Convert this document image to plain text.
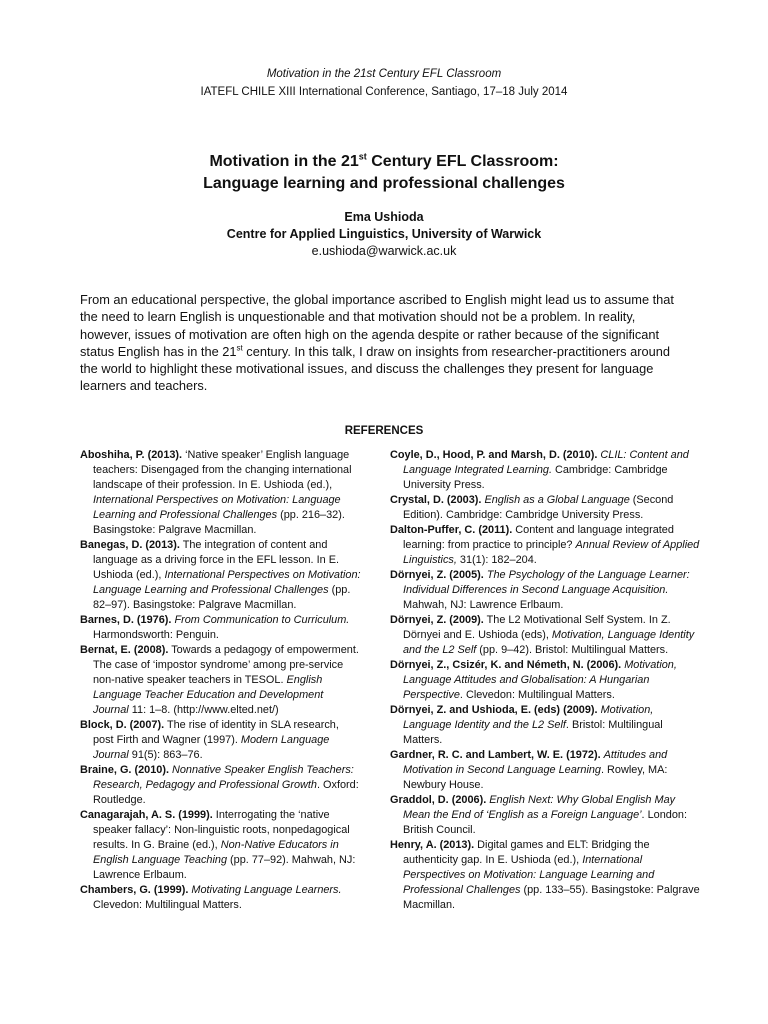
Motivation in the 21st Century EFL Classroom
IATEFL CHILE XIII International Conference, Santiago, 17–18 July 2014
Motivation in the 21st Century EFL Classroom:
Language learning and professional challenges
Ema Ushioda
Centre for Applied Linguistics, University of Warwick
e.ushioda@warwick.ac.uk
From an educational perspective, the global importance ascribed to English might lead us to assume that the need to learn English is unquestionable and that motivation should not be a problem. In reality, however, issues of motivation are often high on the agenda despite or rather because of the significant status English has in the 21st century. In this talk, I draw on insights from researcher-practitioners around the world to highlight these motivational issues, and discuss the challenges they present for language learners and teachers.
REFERENCES

Aboshiha, P. (2013). ‘Native speaker’ English language teachers: Disengaged from the changing international landscape of their profession. In E. Ushioda (ed.), International Perspectives on Motivation: Language Learning and Professional Challenges (pp. 216–32). Basingstoke: Palgrave Macmillan.

Banegas, D. (2013). The integration of content and language as a driving force in the EFL lesson. In E. Ushioda (ed.), International Perspectives on Motivation: Language Learning and Professional Challenges (pp. 82–97). Basingstoke: Palgrave Macmillan.

Barnes, D. (1976). From Communication to Curriculum. Harmondsworth: Penguin.

Bernat, E. (2008). Towards a pedagogy of empowerment. The case of ‘impostor syndrome’ among pre-service non-native speaker teachers in TESOL. English Language Teacher Education and Development Journal 11: 1–8. (http://www.elted.net/)

Block, D. (2007). The rise of identity in SLA research, post Firth and Wagner (1997). Modern Language Journal 91(5): 863–76.

Braine, G. (2010). Nonnative Speaker English Teachers: Research, Pedagogy and Professional Growth. Oxford: Routledge.

Canagarajah, A. S. (1999). Interrogating the ‘native speaker fallacy’: Non-linguistic roots, nonpedagogical results. In G. Braine (ed.), Non-Native Educators in English Language Teaching (pp. 77–92). Mahwah, NJ: Lawrence Erlbaum.

Chambers, G. (1999). Motivating Language Learners. Clevedon: Multilingual Matters.

Coyle, D., Hood, P. and Marsh, D. (2010). CLIL: Content and Language Integrated Learning. Cambridge: Cambridge University Press.

Crystal, D. (2003). English as a Global Language (Second Edition). Cambridge: Cambridge University Press.

Dalton-Puffer, C. (2011). Content and language integrated learning: from practice to principle? Annual Review of Applied Linguistics, 31(1): 182–204.

Dörnyei, Z. (2005). The Psychology of the Language Learner: Individual Differences in Second Language Acquisition. Mahwah, NJ: Lawrence Erlbaum.

Dörnyei, Z. (2009). The L2 Motivational Self System. In Z. Dörnyei and E. Ushioda (eds), Motivation, Language Identity and the L2 Self (pp. 9–42). Bristol: Multilingual Matters.

Dörnyei, Z., Csizér, K. and Németh, N. (2006). Motivation, Language Attitudes and Globalisation: A Hungarian Perspective. Clevedon: Multilingual Matters.

Dörnyei, Z. and Ushioda, E. (eds) (2009). Motivation, Language Identity and the L2 Self. Bristol: Multilingual Matters.

Gardner, R. C. and Lambert, W. E. (1972). Attitudes and Motivation in Second Language Learning. Rowley, MA: Newbury House.

Graddol, D. (2006). English Next: Why Global English May Mean the End of ‘English as a Foreign Language’. London: British Council.

Henry, A. (2013). Digital games and ELT: Bridging the authenticity gap. In E. Ushioda (ed.), International Perspectives on Motivation: Language Learning and Professional Challenges (pp. 133–55). Basingstoke: Palgrave Macmillan.
